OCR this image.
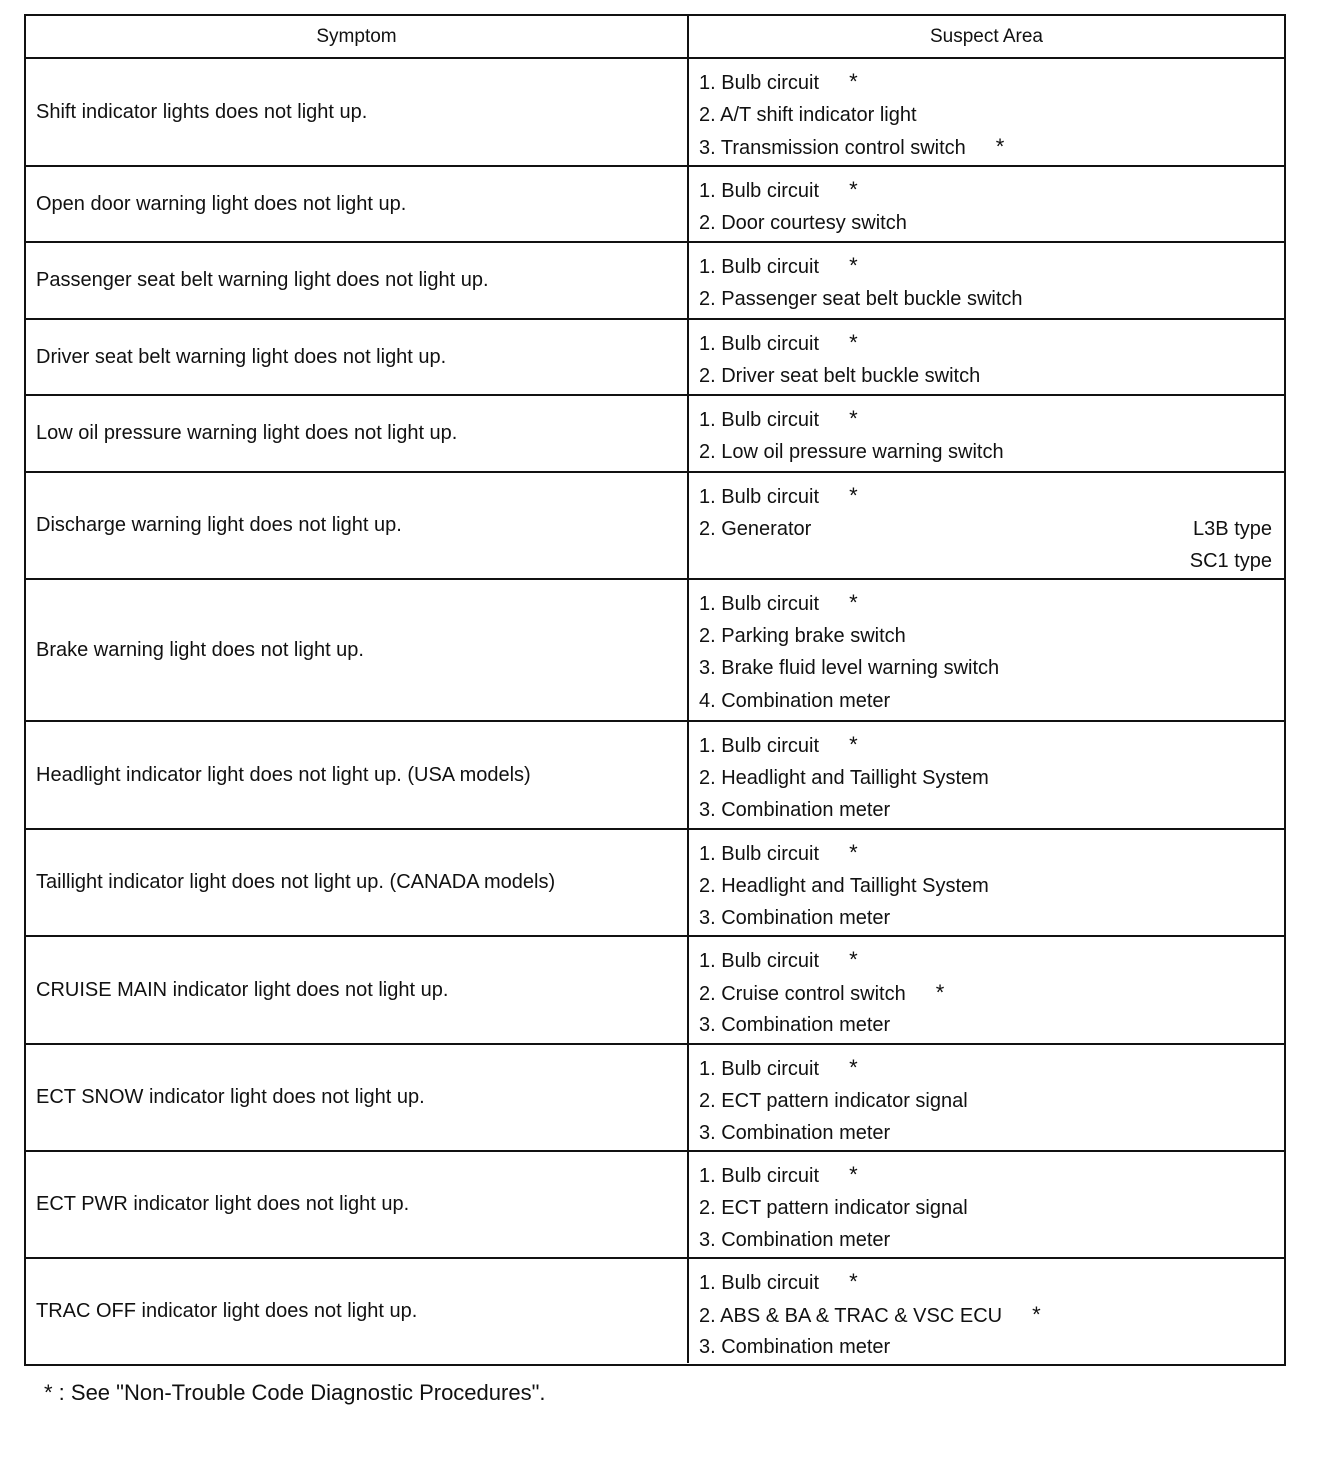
Symptom	Suspect Area
Shift indicator lights does not light up.
1. Bulb circuit *
2. A/T shift indicator light
3. Transmission control switch *
Open door warning light does not light up.
1. Bulb circuit *
2. Door courtesy switch
Passenger seat belt warning light does not light up.
1. Bulb circuit *
2. Passenger seat belt buckle switch
Driver seat belt warning light does not light up.
1. Bulb circuit *
2. Driver seat belt buckle switch
Low oil pressure warning light does not light up.
1. Bulb circuit *
2. Low oil pressure warning switch
Discharge warning light does not light up.
1. Bulb circuit *
2. Generator	L3B type
SC1 type
Brake warning light does not light up.
1. Bulb circuit *
2. Parking brake switch
3. Brake fluid level warning switch
4. Combination meter
Headlight indicator light does not light up. (USA models)
1. Bulb circuit *
2. Headlight and Taillight System
3. Combination meter
Taillight indicator light does not light up. (CANADA models)
1. Bulb circuit *
2. Headlight and Taillight System
3. Combination meter
CRUISE MAIN indicator light does not light up.
1. Bulb circuit *
2. Cruise control switch *
3. Combination meter
ECT SNOW indicator light does not light up.
1. Bulb circuit *
2. ECT pattern indicator signal
3. Combination meter
ECT PWR indicator light does not light up.
1. Bulb circuit *
2. ECT pattern indicator signal
3. Combination meter
TRAC OFF indicator light does not light up.
1. Bulb circuit *
2. ABS & BA & TRAC & VSC ECU *
3. Combination meter
* : See "Non-Trouble Code Diagnostic Procedures".
